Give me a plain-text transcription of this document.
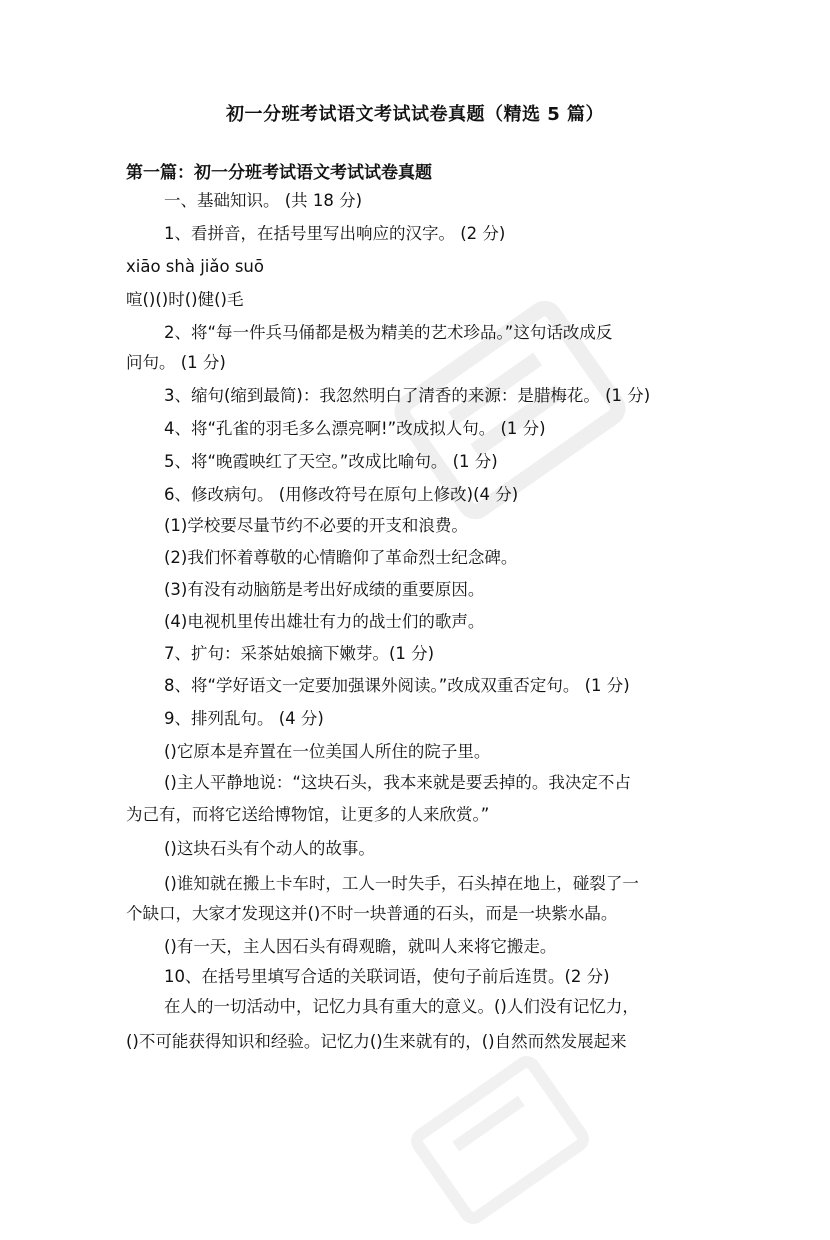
初一分班考试语文考试试卷真题（精选 5 篇）
第一篇：初一分班考试语文考试试卷真题
一、基础知识。 (共 18 分)
1、看拼音，在括号里写出响应的汉字。 (2 分)
xiāo shà jiǎo suō
喧()()时()健()毛
2、将“每一件兵马俑都是极为精美的艺术珍品。”这句话改成反
问句。 (1 分)
3、缩句(缩到最简)：我忽然明白了清香的来源：是腊梅花。 (1 分)
4、将“孔雀的羽毛多么漂亮啊!”改成拟人句。 (1 分)
5、将“晚霞映红了天空。”改成比喻句。 (1 分)
6、修改病句。 (用修改符号在原句上修改)(4 分)
(1)学校要尽量节约不必要的开支和浪费。
(2)我们怀着尊敬的心情瞻仰了革命烈士纪念碑。
(3)有没有动脑筋是考出好成绩的重要原因。
(4)电视机里传出雄壮有力的战士们的歌声。
7、扩句：采茶姑娘摘下嫩芽。(1 分)
8、将“学好语文一定要加强课外阅读。”改成双重否定句。 (1 分)
9、排列乱句。 (4 分)
()它原本是弃置在一位美国人所住的院子里。
()主人平静地说：“这块石头，我本来就是要丢掉的。我决定不占
为己有，而将它送给博物馆，让更多的人来欣赏。”
()这块石头有个动人的故事。
()谁知就在搬上卡车时，工人一时失手，石头掉在地上，碰裂了一
个缺口，大家才发现这并()不时一块普通的石头，而是一块紫水晶。
()有一天，主人因石头有碍观瞻，就叫人来将它搬走。
10、在括号里填写合适的关联词语，使句子前后连贯。(2 分)
在人的一切活动中，记忆力具有重大的意义。()人们没有记忆力，
()不可能获得知识和经验。记忆力()生来就有的，()自然而然发展起来
